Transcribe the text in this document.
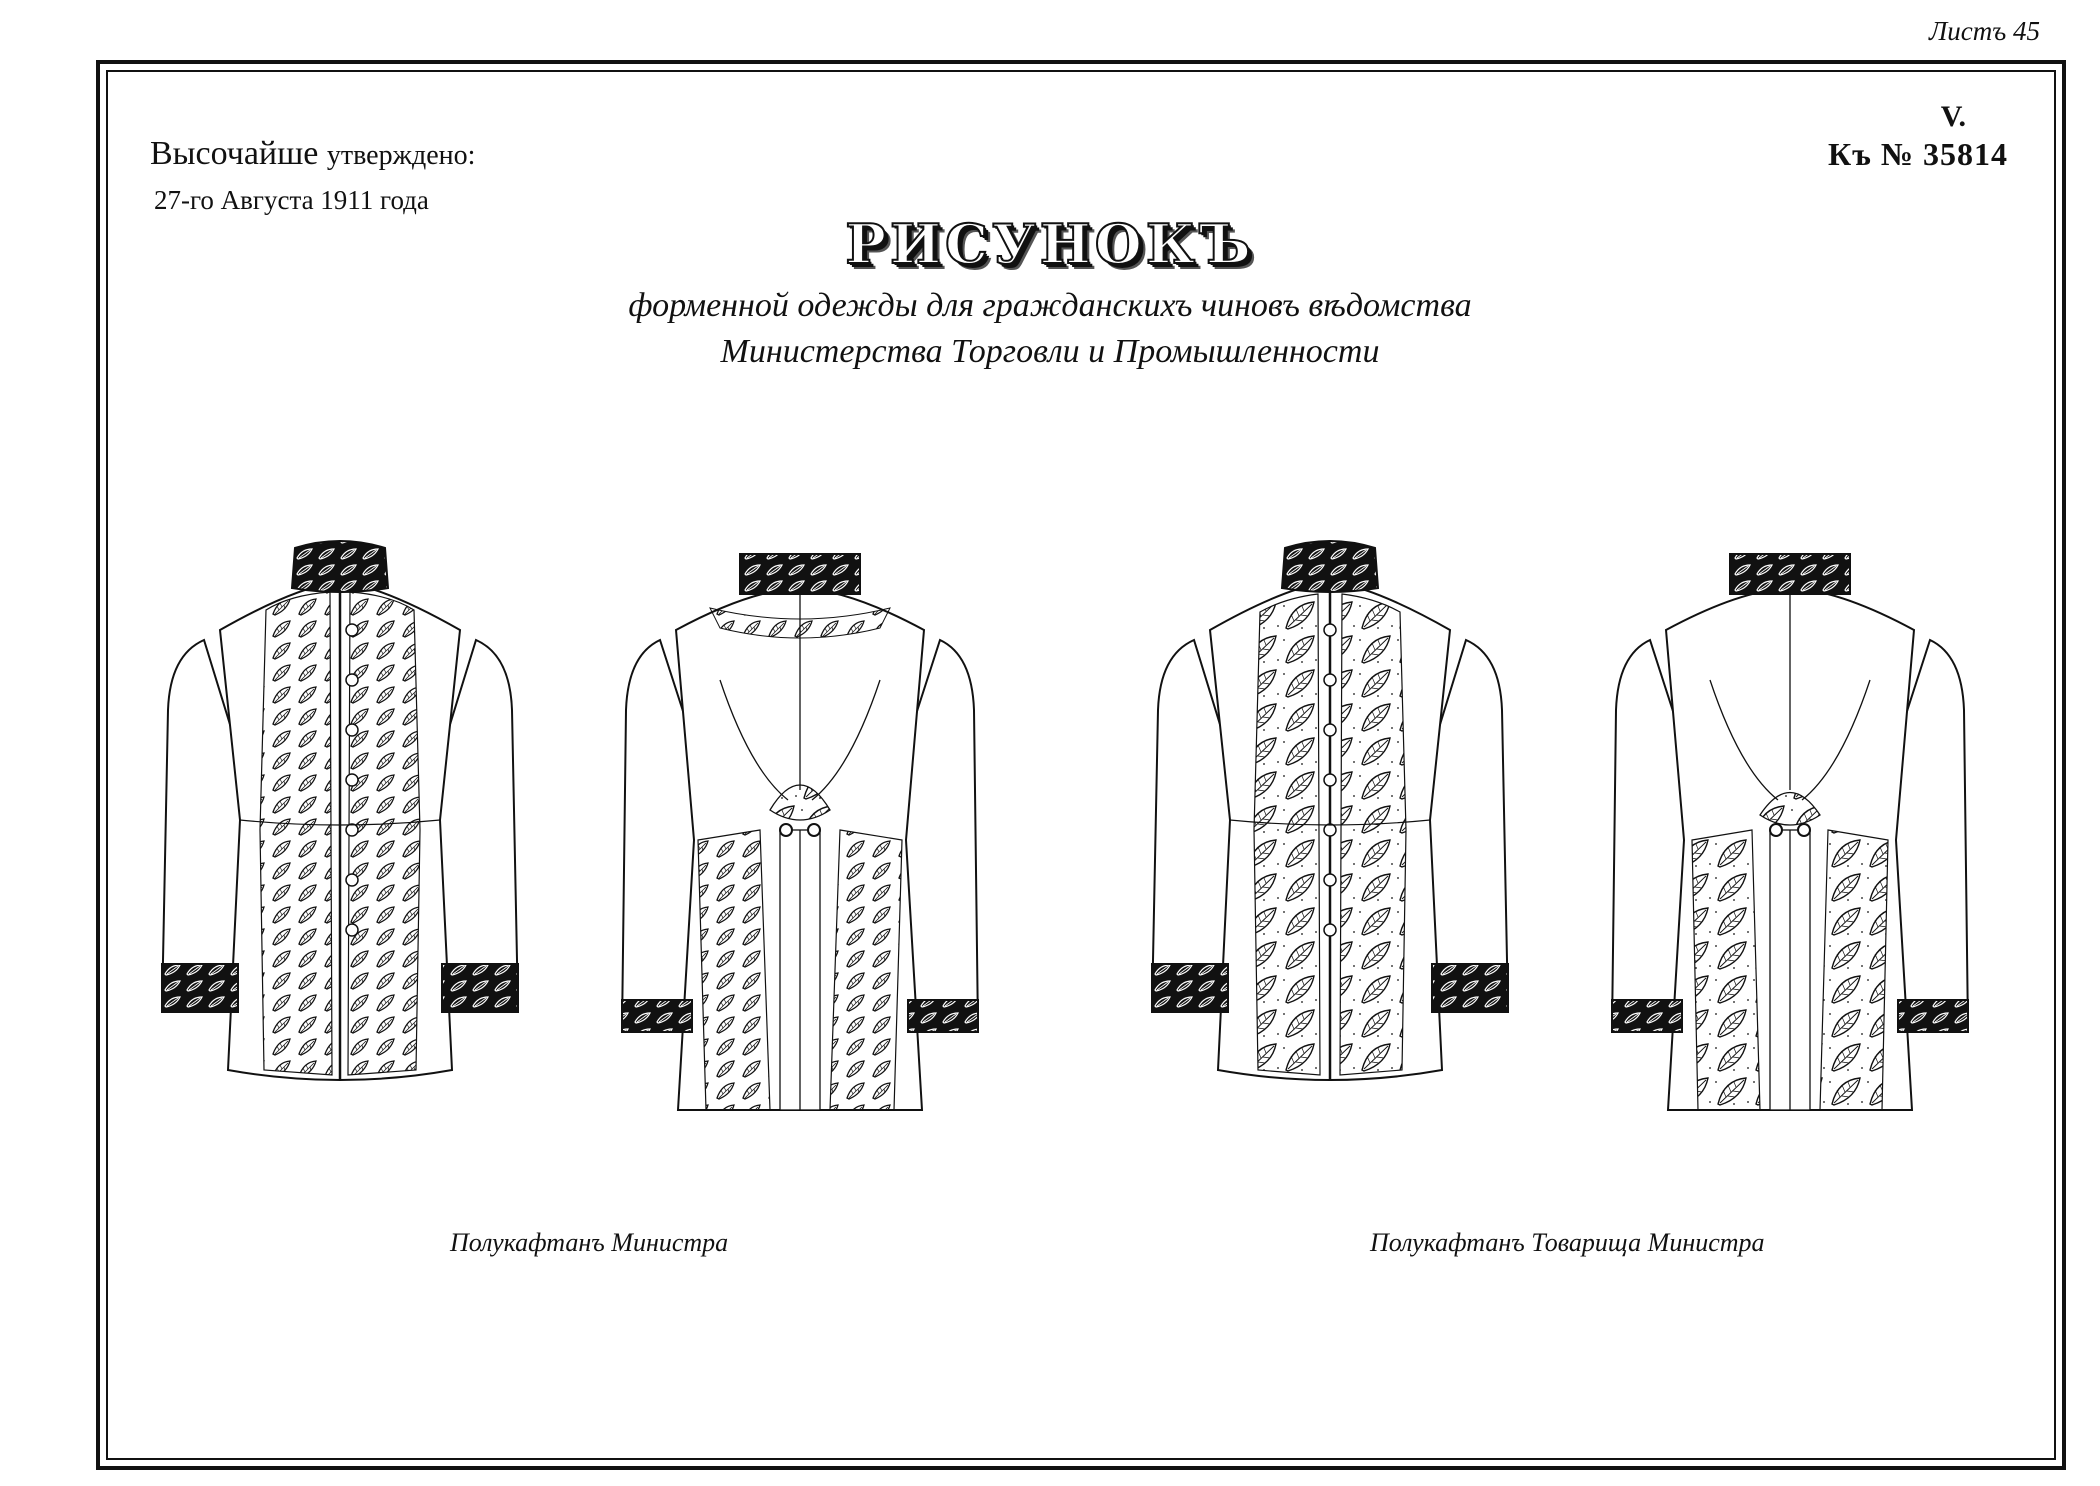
Листъ 45
Высочайше утверждено:
27-го Августа 1911 года
V.
Къ № 35814
РИСУНОКЪ
форменной одежды для гражданскихъ чиновъ вѣдомства
Министерства Торговли и Промышленности
Полукафтанъ Министра	Полукафтанъ Товарища Министра
